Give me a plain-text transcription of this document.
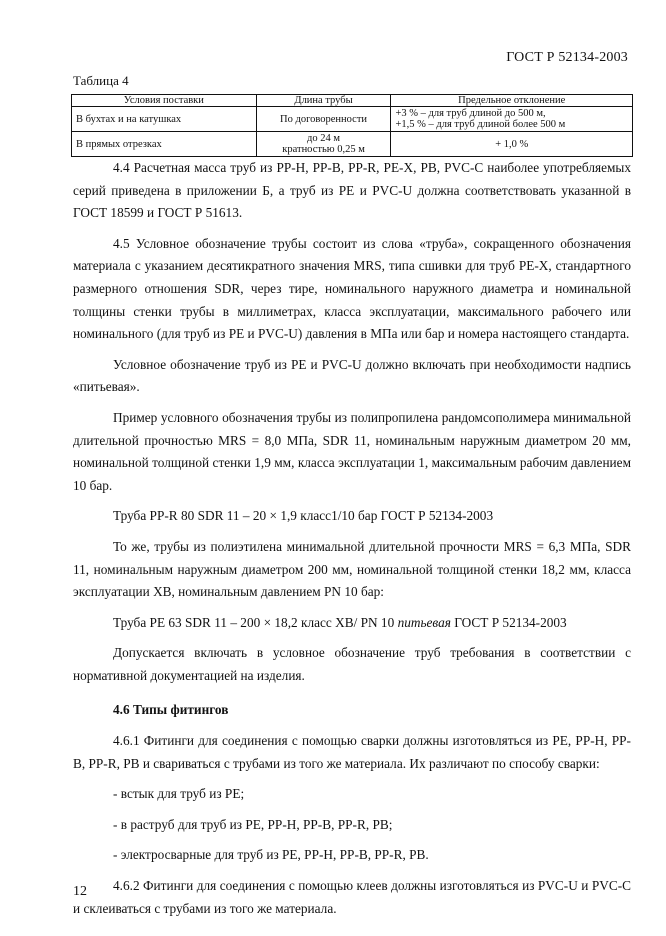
ГОСТ Р 52134-2003
Таблица 4
Условия поставки	Длина трубы	Предельное отклонение
В бухтах и на катушках	По договоренности	+3 % – для труб длиной до 500 м,
+1,5 % – для труб длиной более 500 м

В прямых отрезках	до 24 м
кратностью 0,25 м	+ 1,0 %

4.4 Расчетная масса труб из PP-H, PP-B, PP-R, PE-X, PB, PVC-C наиболее употребляемых серий приведена в приложении Б, а труб из PE и PVC-U должна соответствовать указанной в ГОСТ 18599 и ГОСТ Р 51613.

4.5 Условное обозначение трубы состоит из слова «труба», сокращенного обозначения материала с указанием десятикратного значения MRS, типа сшивки для труб PE-X, стандартного размерного отношения SDR, через тире, номинального наружного диаметра и номинальной толщины стенки трубы в миллиметрах, класса эксплуатации, максимального рабочего или номинального (для труб из PE и PVC-U) давления в МПа или бар и номера настоящего стандарта.

Условное обозначение труб из PE и PVC-U должно включать при необходимости надпись «питьевая».

Пример условного обозначения трубы из полипропилена рандомсополимера минимальной длительной прочностью MRS = 8,0 МПа, SDR 11, номинальным наружным диаметром 20 мм, номинальной толщиной стенки 1,9 мм, класса эксплуатации 1, максимальным рабочим давлением 10 бар.

Труба PP-R 80 SDR 11 – 20 × 1,9 класс1/10 бар ГОСТ Р 52134-2003

То же, трубы из полиэтилена минимальной длительной прочности MRS = 6,3 МПа, SDR 11, номинальным наружным диаметром 200 мм, номинальной толщиной стенки 18,2 мм, класса эксплуатации ХВ, номинальным давлением PN 10 бар:

Труба PE 63 SDR 11 – 200 × 18,2 класс ХВ/ PN 10 питьевая ГОСТ Р 52134-2003

Допускается включать в условное обозначение труб требования в соответствии с нормативной документацией на изделия.

4.6 Типы фитингов

4.6.1 Фитинги для соединения с помощью сварки должны изготовляться из PE, PP-H, PP-B, PP-R, PB и свариваться с трубами из того же материала. Их различают по способу сварки:

- встык для труб из PE;

- в раструб для труб из PE, PP-H, PP-B, PP-R, PB;

- электросварные для труб из PE, PP-H, PP-B, PP-R, PB.

4.6.2 Фитинги для соединения с помощью клеев должны изготовляться из PVC-U и PVC-C и склеиваться с трубами из того же материала.

12
